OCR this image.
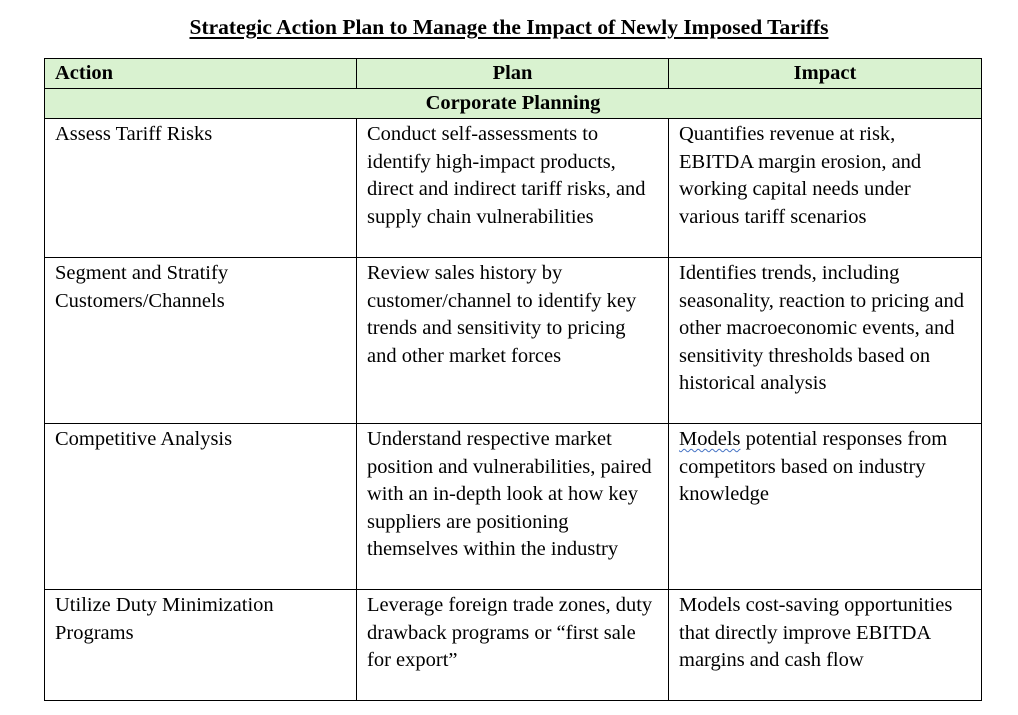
Strategic Action Plan to Manage the Impact of Newly Imposed Tariffs
Action	Plan	Impact
Corporate Planning		
Assess Tariff Risks	Conduct self-assessments to identify high-impact products, direct and indirect tariff risks, and supply chain vulnerabilities	Quantifies revenue at risk, EBITDA margin erosion, and working capital needs under various tariff scenarios
Segment and Stratify Customers/Channels	Review sales history by customer/channel to identify key trends and sensitivity to pricing and other market forces	Identifies trends, including seasonality, reaction to pricing and other macroeconomic events, and sensitivity thresholds based on historical analysis
Competitive Analysis	Understand respective market position and vulnerabilities, paired with an in-depth look at how key suppliers are positioning themselves within the industry	Models potential responses from competitors based on industry knowledge
Utilize Duty Minimization Programs	Leverage foreign trade zones, duty drawback programs or “first sale for export”	Models cost-saving opportunities that directly improve EBITDA margins and cash flow
